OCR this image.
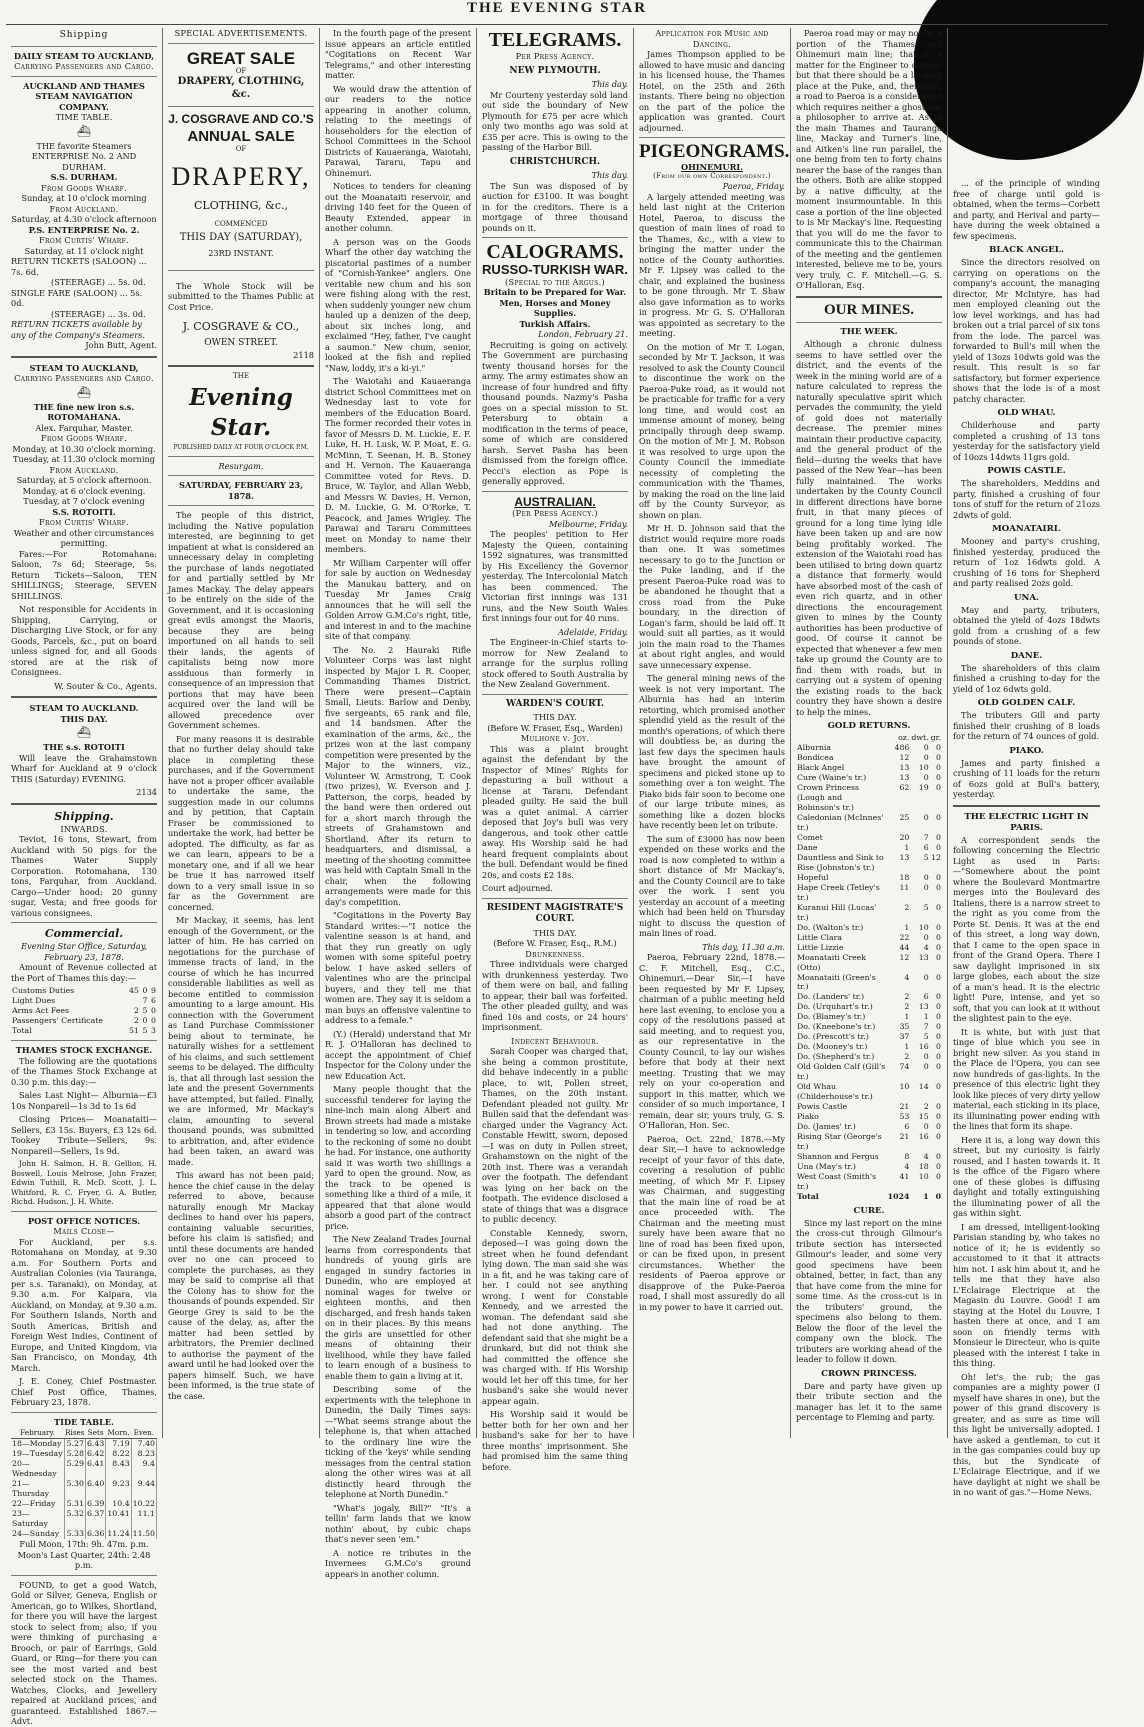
THE EVENING STAR
Shipping
DAILY STEAM TO AUCKLAND,
Carrying Passengers and Cargo.
AUCKLAND AND THAMES STEAM NAVIGATION COMPANY.
TIME TABLE.
⛴
THE favorite Steamers ENTERPRISE No. 2 AND DURHAM.
S.S. DURHAM.
From Goods Wharf.
Sunday, at 10 o'clock morning
From Auckland.
Saturday, at 4.30 o'clock afternoon
P.S. ENTERPRISE No. 2.
From Curtis' Wharf.
Saturday, at 11 o'clock night
RETURN TICKETS (SALOON) ... 7s. 6d.
(STEERAGE) ... 5s. 0d.
SINGLE FARE (SALOON) ... 5s. 0d.
(STEERAGE) ... 3s. 0d.
RETURN TICKETS available by any of the Company's Steamers.
John Butt, Agent.
STEAM TO AUCKLAND,
Carrying Passengers and Cargo.
⛴
THE fine new iron s.s. ROTOMAHANA.
Alex. Farquhar, Master.
From Goods Wharf.
Monday, at 10.30 o'clock morning. Tuesday, at 11.30 o'clock morning
From Auckland.
Saturday, at 5 o'clock afternoon. Monday, at 6 o'clock evening. Tuesday, at 7 o'clock evening
S.S. ROTOITI.
From Curtis' Wharf.
Weather and other circumstances permitting.

Fares:—For Rotomahana: Saloon, 7s 6d; Steerage, 5s. Return Tickets—Saloon, TEN SHILLINGS; Steerage, SEVEN SHILLINGS.

Not responsible for Accidents in Shipping, Carrying, or Discharging Live Stock, or for any Goods, Parcels, &c., put on board unless signed for, and all Goods stored are at the risk of Consignees.

W. Souter & Co., Agents.
STEAM TO AUCKLAND.
THIS DAY.
⛴
THE s.s. ROTOITI

Will leave the Grahamstown Wharf for Auckland at 9 o'clock THIS (Saturday) EVENING.

2134
Shipping.
INWARDS.

Teviot, 16 tons, Stewart, from Auckland with 50 pigs for the Thames Water Supply Corporation. Rotomahana, 130 tons, Farquhar, from Auckland. Cargo—Under hood: 20 gunny sugar, Vesta; and free goods for various consignees.

Commercial.
Evening Star Office, Saturday, February 23, 1878.

Amount of Revenue collected at the Port of Thames this day:—

Customs Duties	45	0	9
Light Dues		7	6
Arms Act Fees	2	5	0
Passengers' Certificate	2	0	0
Total	51	5	3
THAMES STOCK EXCHANGE.

The following are the quotations of the Thames Stock Exchange at 0.30 p.m. this day:—

Sales Last Night— Alburnia—£3 10s Nonpareil—1s 3d to 1s 6d

Closing Prices— Moanataiti—Sellers, £3 15s. Buyers, £3 12s 6d. Tookey Tribute—Sellers, 9s. Nonpareil—Sellers, 1s 9d.

John H. Salmon, H. B. Gellion, H. Boswell, Louis Melrose, John Frazer, Edwin Tuthill, R. McD. Scott, J. L. Whitford, R. C. Fryer, G. A. Butler, Richd. Hudson, J. H. White.

POST OFFICE NOTICES.
Mails Close—

For Auckland, per s.s. Rotomahana on Monday, at 9.30 a.m. For Southern Ports and Australian Colonies (via Tauranga, per s.s. Taranaki), on Monday, at 9.30 a.m. For Kaipara, via Auckland, on Monday, at 9.30 a.m. For Southern Islands, North and South Americas, British and Foreign West Indies, Continent of Europe, and United Kingdom, via San Francisco, on Monday, 4th March.

J. E. Coney, Chief Postmaster. Chief Post Office, Thames, February 23, 1878.

TIDE TABLE.
February.	Rises	Sets	Morn.	Even.
18—Monday	5.27	6.43	7.19	7.40
19—Tuesday	5.28	6.42	8.22	8.23
20—Wednesday	5.29	6.41	8.43	9.4
21—Thursday	5.30	6.40	9.23	9.44
22—Friday	5.31	6.39	10.4	10.22
23—Saturday	5.32	6.37	10.41	11.1
24—Sunday	5.33	6.36	11.24	11.50
Full Moon, 17th: 9h. 47m. p.m. Moon's Last Quarter, 24th: 2.48 p.m.

FOUND, to get a good Watch, Gold or Silver, Geneva, English or American, go to Wilkes, Shortland, for there you will have the largest stock to select from; also, if you were thinking of purchasing a Brooch, or pair of Earrings, Gold Guard, or Ring—for there you can see the most varied and best selected stock on the Thames. Watches, Clocks, and Jewellery repaired at Auckland prices, and guaranteed. Established 1867.—Advt.

SPECIAL ADVERTISEMENTS.
GREAT SALE
OF
DRAPERY, CLOTHING, &c.
J. COSGRAVE AND CO.'S
ANNUAL SALE
OF
DRAPERY,
CLOTHING, &c.,
COMMENCED
THIS DAY (SATURDAY),
23RD INSTANT.

The Whole Stock will be submitted to the Thames Public at Cost Price.

J. COSGRAVE & CO.,
OWEN STREET.
2118
THE
Evening Star.
PUBLISHED DAILY AT FOUR O'CLOCK P.M.
Resurgam.
SATURDAY, FEBRUARY 23, 1878.

The people of this district, including the Native population interested, are beginning to get impatient at what is considered an unnecessary delay in completing the purchase of lands negotiated for and partially settled by Mr James Mackay. The delay appears to be entirely on the side of the Government, and it is occasioning great evils amongst the Maoris, because they are being importuned on all hands to sell their lands, the agents of capitalists being now more assiduous than formerly in consequence of an impression that portions that may have been acquired over the land will be allowed precedence over Government schemes.

For many reasons it is desirable that no further delay should take place in completing these purchases, and if the Government have not a proper officer available to undertake the same, the suggestion made in our columns and by petition, that Captain Fraser be commissioned to undertake the work, had better be adopted. The difficulty, as far as we can learn, appears to be a monetary one, and if all we hear be true it has narrowed itself down to a very small issue in so far as the Government are concerned.

Mr Mackay, it seems, has lent enough of the Government, or the latter of him. He has carried on negotiations for the purchase of immense tracts of land, in the course of which he has incurred considerable liabilities as well as become entitled to commission amounting to a large amount. His connection with the Government as Land Purchase Commissioner being about to terminate, he naturally wishes for a settlement of his claims, and such settlement seems to be delayed. The difficulty is, that all through last session the late and the present Governments have attempted, but failed. Finally, we are informed, Mr Mackay's claim, amounting to several thousand pounds, was submitted to arbitration, and, after evidence had been taken, an award was made.

This award has not been paid; hence the chief cause in the delay referred to above, because naturally enough Mr Mackay declines to hand over his papers, containing valuable securities, before his claim is satisfied; and until these documents are handed over no one can proceed to complete the purchases, as they may be said to comprise all that the Colony has to show for the thousands of pounds expended. Sir George Grey is said to be the cause of the delay, as, after the matter had been settled by arbitrators, the Premier declined to authorise the payment of the award until he had looked over the papers himself. Such, we have been informed, is the true state of the case.

In the fourth page of the present issue appears an article entitled "Cogitations on Recent War Telegrams," and other interesting matter.

We would draw the attention of our readers to the notice appearing in another column, relating to the meetings of householders for the election of School Committees in the School Districts of Kauaeranga, Waiotahi, Parawai, Tararu, Tapu and Ohinemuri.

Notices to tenders for cleaning out the Moanataiti reservoir, and driving 140 feet for the Queen of Beauty Extended, appear in another column.

A person was on the Goods Wharf the other day watching the piscatorial pastimes of a number of "Cornish-Yankee" anglers. One veritable new chum and his son were fishing along with the rest, when suddenly younger new chum hauled up a denizen of the deep, about six inches long, and exclaimed "Hey, father, I've caught a saumon." New chum, senior, looked at the fish and replied "Naw, loddy, it's a ki-yi."

The Waiotahi and Kauaeranga district School Committees met on Wednesday last to vote for members of the Education Board. The former recorded their votes in favor of Messrs D. M. Luckie, E. F. Luke, H. H. Lusk, W. P. Moat, E. G. McMinn, T. Seenan, H. B. Stoney and H. Vernon. The Kauaeranga Committee voted for Revs. D. Bruce, W. Taylor, and Allan Webb, and Messrs W. Davies, H. Vernon, D. M. Luckie, G. M. O'Rorke, T. Peacock, and James Wrigley. The Parawai and Tararu Committees meet on Monday to name their members.

Mr William Carpenter will offer for sale by auction on Wednesday the Manukau battery, and on Tuesday Mr James Craig announces that he will sell the Golden Arrow G.M.Co's right, title, and interest in and to the machine site of that company.

The No. 2 Hauraki Rifle Volunteer Corps was last night inspected by Major I. R. Cooper, Commanding Thames District. There were present—Captain Small, Lieuts. Barlow and Denby, five sergeants, 65 rank and file, and 14 bandsmen. After the examination of the arms, &c., the prizes won at the last company competition were presented by the Major to the winners, viz., Volunteer W. Armstrong, T. Cook (two prizes), W. Everson and J. Patterson, the corps, headed by the band were then ordered out for a short march through the streets of Grahamstown and Shortland. After its return to headquarters, and dismissal, a meeting of the shooting committee was held with Captain Small in the chair, when the following arrangements were made for this day's competition.

"Cogitations in the Poverty Bay Standard writes:—"I notice the valentine season is at hand, and that they run greatly on ugly women with some spiteful poetry below. I have asked sellers of valentines who are the principal buyers, and they tell me that women are. They say it is seldom a man buys an offensive valentine to address to a female."

(Y.) (Herald) understand that Mr R. J. O'Halloran has declined to accept the appointment of Chief Inspector for the Colony under the new Education Act.

Many people thought that the successful tenderer for laying the nine-inch main along Albert and Brown streets had made a mistake in tendering so low, and according to the reckoning of some no doubt he had. For instance, one authority said it was worth two shillings a yard to open the ground. Now, as the track to be opened is something like a third of a mile, it appeared that that alone would absorb a good part of the contract price.

The New Zealand Trades Journal learns from correspondents that hundreds of young girls are engaged in sundry factories in Dunedin, who are employed at nominal wages for twelve or eighteen months, and then discharged, and fresh hands taken on in their places. By this means the girls are unsettled for other means of obtaining their livelihood, while they have failed to learn enough of a business to enable them to gain a living at it.

Describing some of the experiments with the telephone in Dunedin, the Daily Times says:—"What seems strange about the telephone is, that when attached to the ordinary line wire the ticking of the 'keys' while sending messages from the central station along the other wires was at all distinctly heard through the telephone at North Dunedin."

"What's jogaly, Bill?" "It's a tellin' farm lands that we know nothin' about, by cubic chaps that's never seen 'em."

A notice re tributes in the Invernees G.M.Co's ground appears in another column.

TELEGRAMS.
Per Press Agency.
NEW PLYMOUTH.
This day.

Mr Courteny yesterday sold land out side the boundary of New Plymouth for £75 per acre which only two months ago was sold at £35 per acre. This is owing to the passing of the Harbor Bill.

CHRISTCHURCH.
This day.

The Sun was disposed of by auction for £3100. It was bought in for the creditors. There is a mortgage of three thousand pounds on it.

CALOGRAMS.
RUSSO-TURKISH WAR.
(Special to the Argus.)
Britain to be Prepared for War.
Men, Horses and Money Supplies.
Turkish Affairs.
London, February 21.

Recruiting is going on actively. The Government are purchasing twenty thousand horses for the army. The army estimates show an increase of four hundred and fifty thousand pounds. Nazmy's Pasha goes on a special mission to St. Petersburg to obtain a modification in the terms of peace, some of which are considered harsh. Servet Pasha has been dismissed from the foreign office. Pecci's election as Pope is generally approved.

AUSTRALIAN.
(Per Press Agency.)
Melbourne, Friday.

The peoples' petition to Her Majesty the Queen, containing 1592 signatures, was transmitted by His Excellency the Governor yesterday. The Intercolonial Match has been commenced. The Victorian first innings was 131 runs, and the New South Wales first innings four out for 40 runs.

Adelaide, Friday.

The Engineer-in-Chief starts to-morrow for New Zealand to arrange for the surplus rolling stock offered to South Australia by the New Zealand Government.

WARDEN'S COURT.
THIS DAY.
(Before W. Fraser, Esq., Warden)
Mulhone v. Joy.

This was a plaint brought against the defendant by the Inspector of Mines' Rights for depasturing a bull without a license at Tararu. Defendant pleaded guilty. He said the bull was a quiet animal. A carrier deposed that Joy's bull was very dangerous, and took other cattle away. His Worship said he had heard frequent complaints about the bull. Defendant would be fined 20s, and costs £2 18s.

Court adjourned.
RESIDENT MAGISTRATE'S COURT.
THIS DAY.
(Before W. Fraser, Esq., R.M.)
Drunkenness.

Three individuals were charged with drunkenness yesterday. Two of them were on bail, and failing to appear, their bail was forfeited. The other pleaded guilty, and was fined 10s and costs, or 24 hours' imprisonment.

Indecent Behaviour.

Sarah Cooper was charged that, she being a common prostitute, did behave indecently in a public place, to wit, Pollen street, Thames, on the 20th instant. Defendant pleaded not guilty. Mr Bullen said that the defendant was charged under the Vagrancy Act. Constable Hewitt, sworn, deposed—I was on duty in Pollen street, Grahamstown on the night of the 20th inst. There was a verandah over the footpath. The defendant was lying on her back on the footpath. The evidence disclosed a state of things that was a disgrace to public decency.

Constable Kennedy, sworn, deposed—I was going down the street when he found defendant lying down. The man said she was in a fit, and he was taking care of her. I could not see anything wrong. I went for Constable Kennedy, and we arrested the woman. The defendant said she had not done anything. The defendant said that she might be a drunkard, but did not think she had committed the offence she was charged with. If His Worship would let her off this time, for her husband's sake she would never appear again.

His Worship said it would be better both for her own and her husband's sake for her to have three months' imprisonment. She had promised him the same thing before.

Application for Music and Dancing.

James Thompson applied to be allowed to have music and dancing in his licensed house, the Thames Hotel, on the 25th and 26th instants. There being no objection on the part of the police the application was granted. Court adjourned.

PIGEONGRAMS.
OHINEMURI.
(From our own Correspondent.)
Paeroa, Friday.

A largely attended meeting was held last night at the Criterion Hotel, Paeroa, to discuss the question of main lines of road to the Thames, &c., with a view to bringing the matter under the notice of the County authorities. Mr F. Lipsey was called to the chair, and explained the business to be gone through. Mr T. Shaw also gave information as to works in progress. Mr G. S. O'Halloran was appointed as secretary to the meeting.

On the motion of Mr T. Logan, seconded by Mr T. Jackson, it was resolved to ask the County Council to discontinue the work on the Paeroa-Puke road, as it would not be practicable for traffic for a very long time, and would cost an immense amount of money, being principally through deep swamp. On the motion of Mr J. M. Robson it was resolved to urge upon the County Council the immediate necessity of completing the communication with the Thames, by making the road on the line laid off by the County Surveyor, as shown on plan.

Mr H. D. Johnson said that the district would require more roads than one. It was sometimes necessary to go to the Junction or the Puke landing, and if the present Paeroa-Puke road was to be abandoned he thought that a cross road from the Puke boundary, in the direction of Logan's farm, should be laid off. It would suit all parties, as it would join the main road to the Thames at about right angles, and would save unnecessary expense.

The general mining news of the week is not very important. The Alburnia has had an interim retorting, which promised another splendid yield as the result of the month's operations, of which there will doubtless be, as during the last few days the specimen hauls have brought the amount of specimens and picked stone up to something over a ton weight. The Piako bids fair soon to become one of our large tribute mines, as something like a dozen blocks have recently been let on tribute.

The sum of £3000 has now been expended on these works and the road is now completed to within a short distance of Mr Mackay's, and the County Council are to take over the work. I sent you yesterday an account of a meeting which had been held on Thursday night to discuss the question of main lines of road.

This day, 11.30 a.m.

Paeroa, February 22nd, 1878.—C. F. Mitchell, Esq., C.C., Ohinemuri.—Dear Sir,—I have been requested by Mr F. Lipsey, chairman of a public meeting held here last evening, to enclose you a copy of the resolutions passed at said meeting, and to request you, as our representative in the County Council, to lay our wishes before that body at their next meeting. Trusting that we may rely on your co-operation and support in this matter, which we consider of so much importance, I remain, dear sir, yours truly, G. S. O'Halloran, Hon. Sec.

Paeroa, Oct. 22nd, 1878.—My dear Sir,—I have to acknowledge receipt of your favor of this date, covering a resolution of public meeting, of which Mr F. Lipsey was Chairman, and suggesting that the main line of road be at once proceeded with. The Chairman and the meeting must surely have been aware that no line of road has been fixed upon, or can be fixed upon, in present circumstances. Whether the residents of Paeroa approve or disapprove of the Puke-Paeroa road, I shall most assuredly do all in my power to have it carried out.

Paeroa road may or may not be a portion of the Thames and Ohinemuri main line; that is a matter for the Engineer to decide; but that there should be a landing place at the Puke, and, therefore, a road to Paeroa is a consideration which requires neither a ghost nor a philosopher to arrive at. As to the main Thames and Tauranga line, Mackay and Turner's line, and Aitken's line run parallel, the one being from ten to forty chains nearer the base of the ranges than the others. Both are alike stopped by a native difficulty, at the moment insurmountable. In this case a portion of the line objected to is Mr Mackay's line. Requesting that you will do me the favor to communicate this to the Chairman of the meeting and the gentlemen interested, believe me to be, yours very truly, C. F. Mitchell.—G. S. O'Halloran, Esq.

OUR MINES.
THE WEEK.

Although a chronic dulness seems to have settled over the district, and the events of the week in the mining world are of a nature calculated to repress the naturally speculative spirit which pervades the community, the yield of gold does not materially decrease. The premier mines maintain their productive capacity, and the general product of the field—during the weeks that have passed of the New Year—has been fully maintained. The works undertaken by the County Council in different directions have borne fruit, in that many pieces of ground for a long time lying idle have been taken up and are now being profitably worked. The extension of the Waiotahi road has been utilised to bring down quartz a distance that formerly would have absorbed most of the cash of even rich quartz, and in other directions the encouragement given to mines by the County authorities has been productive of good. Of course it cannot be expected that whenever a few men take up ground the County are to find them with roads, but in carrying out a system of opening the existing roads to the back country they have shown a desire to help the mines.

GOLD RETURNS.
	oz.	dwt.	gr.
Alburnia	486	0	0
Bondicea	12	0	0
Black Angel	13	10	0
Cure (Waine's tr.)	13	0	0
Crown Princess (Lough and Robinson's tr.)	62	19	0
Caledonian (McInnes' tr.)	25	0	0
Comet	20	7	0
Dane	1	6	0
Dauntless and Sink to Rise (Johnston's tr.)	13	5	12
Hopeful	18	0	0
Hape Creek (Tetley's tr.)	11	0	0
Kuranui Hill (Lucas' tr.)	2	5	0
Do. (Walton's tr.)	1	10	0
Little Clara	22	0	0
Little Lizzie	44	4	0
Moanataiti Creek (Otto)	12	13	0
Moanataiti (Green's tr.)	4	0	0
Do. (Landers' tr.)	2	6	0
Do. (Urquhart's tr.)	2	13	0
Do. (Blamey's tr.)	1	1	0
Do. (Kneebone's tr.)	35	7	0
Do. (Prescott's tr.)	37	5	0
Do. (Mooney's tr.)	1	16	0
Do. (Shepherd's tr.)	2	0	0
Old Golden Calf (Gill's tr.)	74	0	0
Old Whau (Childerhouse's tr.)	10	14	0
Powis Castle	21	2	0
Piako	53	15	0
Do. (James' tr.)	6	0	0
Rising Star (George's tr.)	21	16	0
Shannon and Fergus	8	4	0
Una (May's tr.)	4	18	0
West Coast (Smith's tr.)	41	10	0
Total	1024	1	0
CURE.

Since my last report on the mine the cross-cut through Gilmour's tribute section has intersected Gilmour's leader, and some very good specimens have been obtained, better, in fact, than any that have come from the mine for some time. As the cross-cut is in the tributers' ground, the specimens also belong to them. Below the floor of the level the company own the block. The tributers are working ahead of the leader to follow it down.

CROWN PRINCESS.

Dare and party have given up their tribute section and the manager has let it to the same percentage to Fleming and party.

... of the principle of winding free of charge until gold is obtained, when the terms—Corbett and party, and Herival and party—have during the week obtained a few specimens.

BLACK ANGEL.

Since the directors resolved on carrying on operations on the company's account, the managing director, Mr McIntyre, has had men employed cleaning out the low level workings, and has had broken out a trial parcel of six tons from the lode. The parcel was forwarded to Bull's mill when the yield of 13ozs 10dwts gold was the result. This result is so far satisfactory, but former experience shows that the lode is of a most patchy character.

OLD WHAU.

Childerhouse and party completed a crushing of 13 tons yesterday for the satisfactory yield of 10ozs 14dwts 11grs gold.

POWIS CASTLE.

The shareholders, Meddins and party, finished a crushing of four tons of stuff for the return of 21ozs 2dwts of gold.

MOANATAIRI.

Mooney and party's crushing, finished yesterday, produced the return of 1oz 16dwts gold. A crushing of 16 tons for Shepherd and party realised 2ozs gold.

UNA.

May and party, tributers, obtained the yield of 4ozs 18dwts gold from a crushing of a few pounds of stone.

DANE.

The shareholders of this claim finished a crushing to-day for the yield of 1oz 6dwts gold.

OLD GOLDEN CALF.

The tributers Gill and party finished their crushing of 8 loads for the return of 74 ounces of gold.

PIAKO.

James and party finished a crushing of 11 loads for the return of 6ozs gold at Bull's battery, yesterday.

THE ELECTRIC LIGHT IN PARIS.

A correspondent sends the following concerning the Electric Light as used in Paris:—"Somewhere about the point where the Boulevard Montmartre merges into the Boulevard des Italiens, there is a narrow street to the right as you come from the Porte St. Denis. It was at the end of this street, a long way down, that I came to the open space in front of the Grand Opera. There I saw daylight imprisoned in six large globes, each about the size of a man's head. It is the electric light! Pure, intense, and yet so soft, that you can look at it without the slightest pain to the eye.

It is white, but with just that tinge of blue which you see in bright new silver. As you stand in the Place de l'Opera, you can see now hundreds of gas-lights. In the presence of this electric light they look like pieces of very dirty yellow material, each sticking in its place, its illuminating power ending with the lines that form its shape.

Here it is, a long way down this street, but my curiosity is fairly roused, and I hasten towards it. It is the office of the Figaro where one of these globes is diffusing daylight and totally extinguishing the illuminating power of all the gas within sight.

I am dressed, intelligent-looking Parisian standing by, who takes no notice of it; he is evidently so accustomed to it that it attracts him not. I ask him about it, and he tells me that they have also L'Eclairage Electrique at the Magasin du Louvre. Good! I am staying at the Hotel du Louvre, I hasten there at once, and I am soon on friendly terms with Monsieur le Directeur, who is quite pleased with the interest I take in this thing.

Oh! let's the rub; the gas companies are a mighty power (I myself have shares in one), but the power of this grand discovery is greater, and as sure as time will this light be universally adopted. I have asked a gentleman, to cut it in the gas companies could buy up this, but the Syndicate of L'Eclairage Electrique, and if we have daylight at night we shall be in no want of gas."—Home News.
